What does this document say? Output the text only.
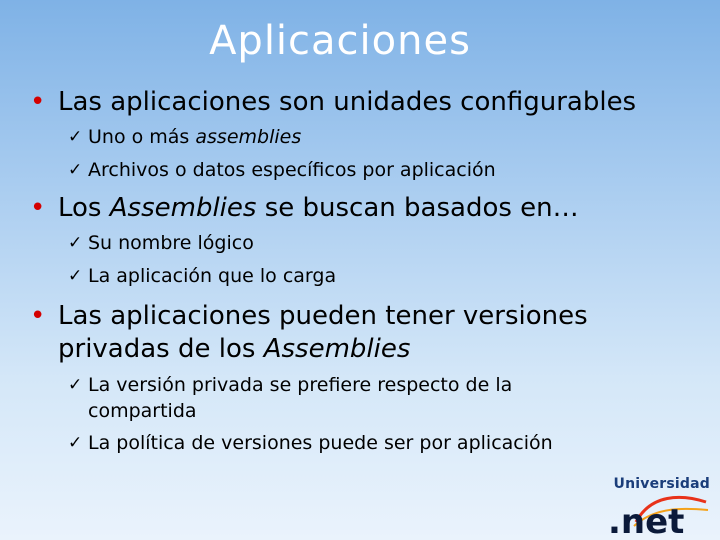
Aplicaciones
• Las aplicaciones son unidades configurables
✓ Uno o más assemblies
✓ Archivos o datos específicos por aplicación
• Los Assemblies se buscan basados en…
✓ Su nombre lógico
✓ La aplicación que lo carga
• Las aplicaciones pueden tener versiones
privadas de los Assemblies
✓ La versión privada se prefiere respecto de la
compartida
✓ La política de versiones puede ser por aplicación
Universidad
.net
